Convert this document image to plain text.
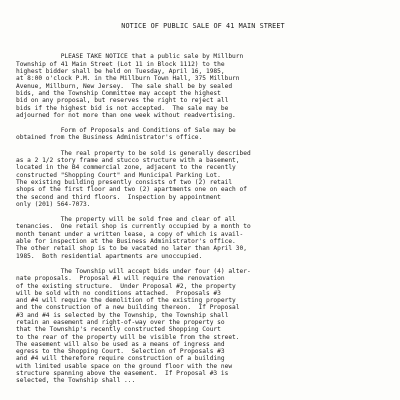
NOTICE OF PUBLIC SALE OF 41 MAIN STREET

PLEASE TAKE NOTICE that a public sale by Millburn
Township of 41 Main Street (Lot 11 in Block 1112) to the
highest bidder shall be held on Tuesday, April 16, 1985,
at 8:00 o'clock P.M. in the Millburn Town Hall, 375 Millburn
Avenue, Millburn, New Jersey.  The sale shall be by sealed
bids, and the Township Committee may accept the highest
bid on any proposal, but reserves the right to reject all
bids if the highest bid is not accepted.  The sale may be
adjourned for not more than one week without readvertising.
Form of Proposals and Conditions of Sale may be
obtained from the Business Administrator's office.
The real property to be sold is generally described
as a 2 1/2 story frame and stucco structure with a basement,
located in the B4 commercial zone, adjacent to the recently
constructed "Shopping Court" and Municipal Parking Lot.
The existing building presently consists of two (2) retail
shops of the first floor and two (2) apartments one on each of
the second and third floors.  Inspection by appointment
only (201) 564-7073.
The property will be sold free and clear of all
tenancies.  One retail shop is currently occupied by a month to
month tenant under a written lease, a copy of which is avail-
able for inspection at the Business Administrator's office.
The other retail shop is to be vacated no later than April 30,
1985.  Both residential apartments are unoccupied.
The Township will accept bids under four (4) alter-
nate proposals.  Proposal #1 will require the renovation
of the existing structure.  Under Proposal #2, the property
will be sold with no conditions attached.  Proposals #3
and #4 will require the demolition of the existing property
and the construction of a new building thereon.  If Proposal
#3 and #4 is selected by the Township, the Township shall
retain an easement and right-of-way over the property so
that the Township's recently constructed Shopping Court
to the rear of the property will be visible from the street.
The easement will also be used as a means of ingress and
egress to the Shopping Court.  Selection of Proposals #3
and #4 will therefore require construction of a building
with limited usable space on the ground floor with the new
structure spanning above the easement.  If Proposal #3 is
selected, the Township shall ...
